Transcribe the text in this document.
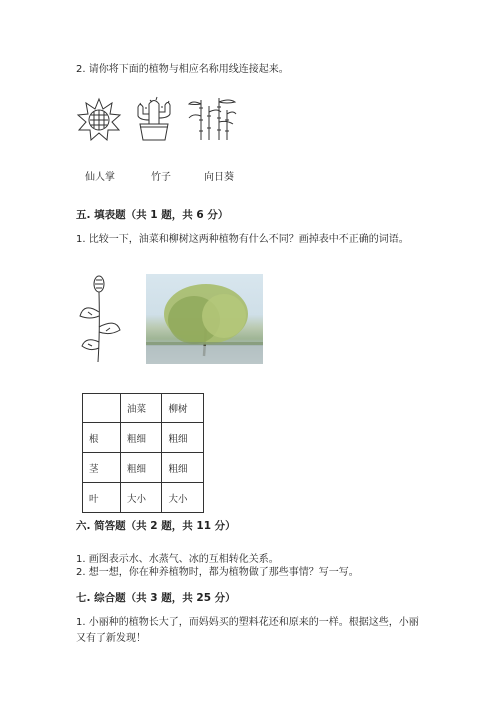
2. 请你将下面的植物与相应名称用线连接起来。
仙人掌	竹子	向日葵
五. 填表题（共 1 题，共 6 分）
1. 比较一下，油菜和柳树这两种植物有什么不同？画掉表中不正确的词语。
	油菜	柳树
根	粗细	粗细
茎	粗细	粗细
叶	大小	大小
六. 简答题（共 2 题，共 11 分）
1. 画图表示水、水蒸气、冰的互相转化关系。
2. 想一想，你在种养植物时，都为植物做了那些事情？写一写。
七. 综合题（共 3 题，共 25 分）
1. 小丽种的植物长大了，而妈妈买的塑料花还和原来的一样。根据这些，小丽
又有了新发现！
